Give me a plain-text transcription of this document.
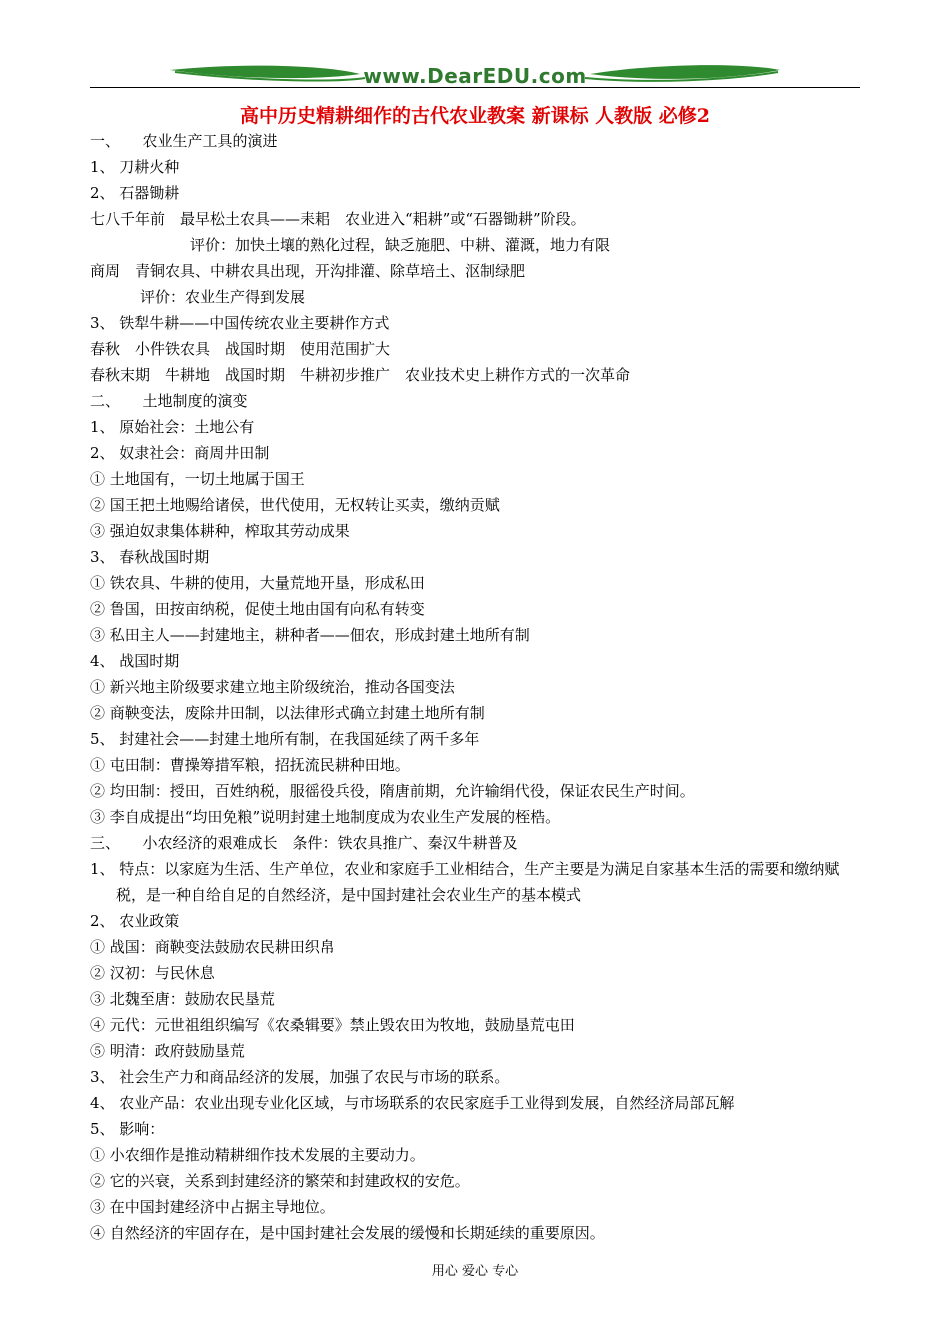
www.DearEDU.com
高中历史精耕细作的古代农业教案 新课标 人教版 必修2
一、　　农业生产工具的演进
1、 刀耕火种
2、 石器锄耕
七八千年前　最早松土农具——耒耜　农业进入“耜耕”或“石器锄耕”阶段。
评价：加快土壤的熟化过程，缺乏施肥、中耕、灌溉，地力有限
商周　青铜农具、中耕农具出现，开沟排灌、除草培土、沤制绿肥
评价：农业生产得到发展
3、 铁犁牛耕——中国传统农业主要耕作方式
春秋　小件铁农具　战国时期　使用范围扩大
春秋末期　牛耕地　战国时期　牛耕初步推广　农业技术史上耕作方式的一次革命
二、　　土地制度的演变
1、 原始社会：土地公有
2、 奴隶社会：商周井田制
① 土地国有，一切土地属于国王
② 国王把土地赐给诸侯，世代使用，无权转让买卖，缴纳贡赋
③ 强迫奴隶集体耕种，榨取其劳动成果
3、 春秋战国时期
① 铁农具、牛耕的使用，大量荒地开垦，形成私田
② 鲁国，田按亩纳税，促使土地由国有向私有转变
③ 私田主人——封建地主，耕种者——佃农，形成封建土地所有制
4、 战国时期
① 新兴地主阶级要求建立地主阶级统治，推动各国变法
② 商鞅变法，废除井田制，以法律形式确立封建土地所有制
5、 封建社会——封建土地所有制，在我国延续了两千多年
① 屯田制：曹操筹措军粮，招抚流民耕种田地。
② 均田制：授田，百姓纳税，服徭役兵役，隋唐前期，允许输绢代役，保证农民生产时间。
③ 李自成提出“均田免粮”说明封建土地制度成为农业生产发展的桎梏。
三、　　小农经济的艰难成长　条件：铁农具推广、秦汉牛耕普及
1、 特点：以家庭为生活、生产单位，农业和家庭手工业相结合，生产主要是为满足自家基本生活的需要和缴纳赋税，是一种自给自足的自然经济，是中国封建社会农业生产的基本模式
2、 农业政策
① 战国：商鞅变法鼓励农民耕田织帛
② 汉初：与民休息
③ 北魏至唐：鼓励农民垦荒
④ 元代：元世祖组织编写《农桑辑要》禁止毁农田为牧地，鼓励垦荒屯田
⑤ 明清：政府鼓励垦荒
3、 社会生产力和商品经济的发展，加强了农民与市场的联系。
4、 农业产品：农业出现专业化区域，与市场联系的农民家庭手工业得到发展，自然经济局部瓦解
5、 影响：
① 小农细作是推动精耕细作技术发展的主要动力。
② 它的兴衰，关系到封建经济的繁荣和封建政权的安危。
③ 在中国封建经济中占据主导地位。
④ 自然经济的牢固存在，是中国封建社会发展的缓慢和长期延续的重要原因。
用心 爱心 专心
